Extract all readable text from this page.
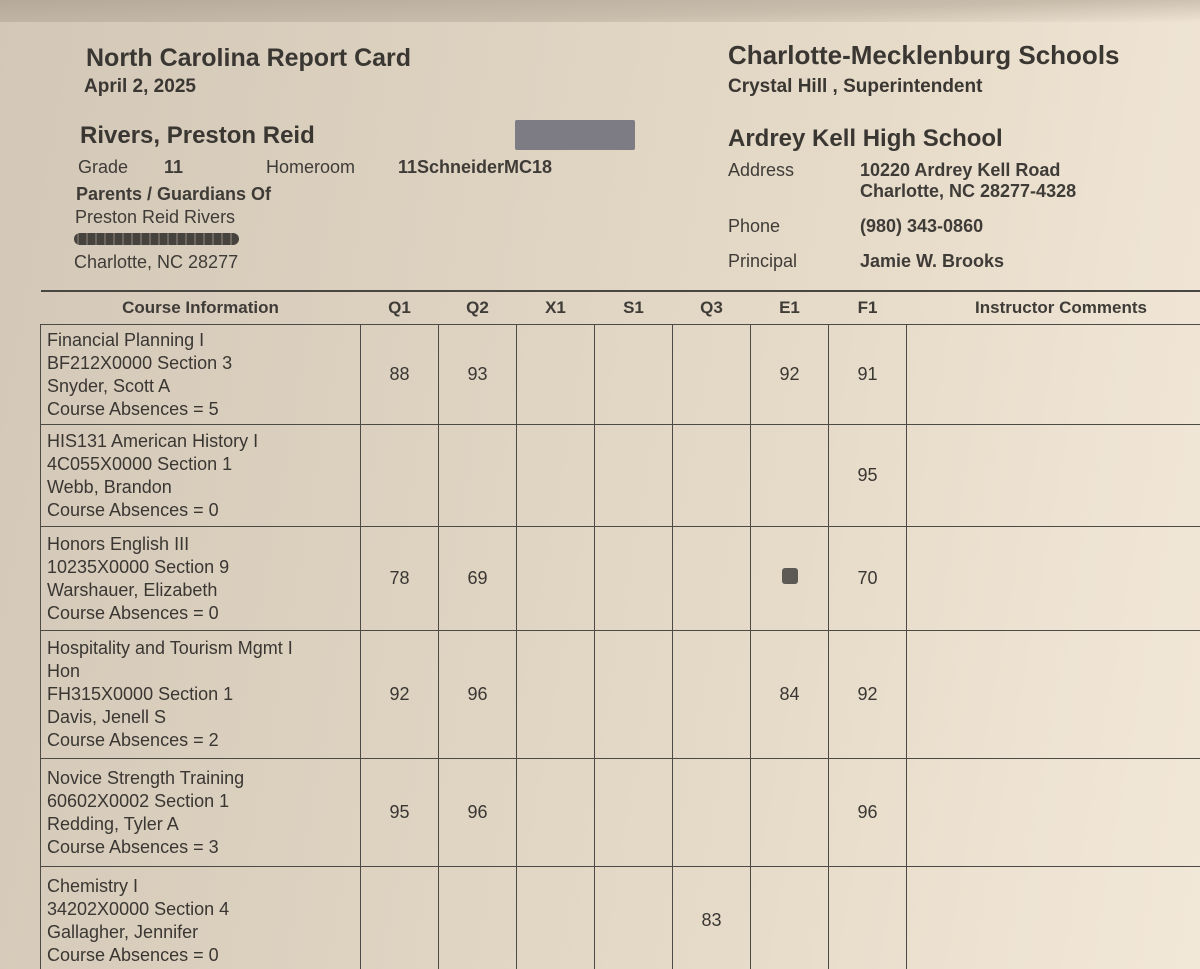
North Carolina Report Card
April 2, 2025
Rivers, Preston Reid
Grade 11	Homeroom 11SchneiderMC18
Parents / Guardians Of
Preston Reid Rivers
Charlotte, NC 28277
Charlotte-Mecklenburg Schools
Crystal Hill , Superintendent
Ardrey Kell High School
Address	10220 Ardrey Kell Road
Charlotte, NC 28277-4328
Phone	(980) 343-0860
Principal	Jamie W. Brooks
Course Information	Q1	Q2	X1	S1	Q3	E1	F1	Instructor Comments

Financial Planning I
BF212X0000 Section 3
Snyder, Scott A
Course Absences = 5	88	93				92	91	

HIS131 American History I
4C055X0000 Section 1
Webb, Brandon
Course Absences = 0							95	

Honors English III
10235X0000 Section 9
Warshauer, Elizabeth
Course Absences = 0	78	69					70	

Hospitality and Tourism Mgmt I
Hon
FH315X0000 Section 1
Davis, Jenell S
Course Absences = 2	92	96				84	92	

Novice Strength Training
60602X0002 Section 1
Redding, Tyler A
Course Absences = 3	95	96					96	

Chemistry I
34202X0000 Section 4
Gallagher, Jennifer
Course Absences = 0					83			
